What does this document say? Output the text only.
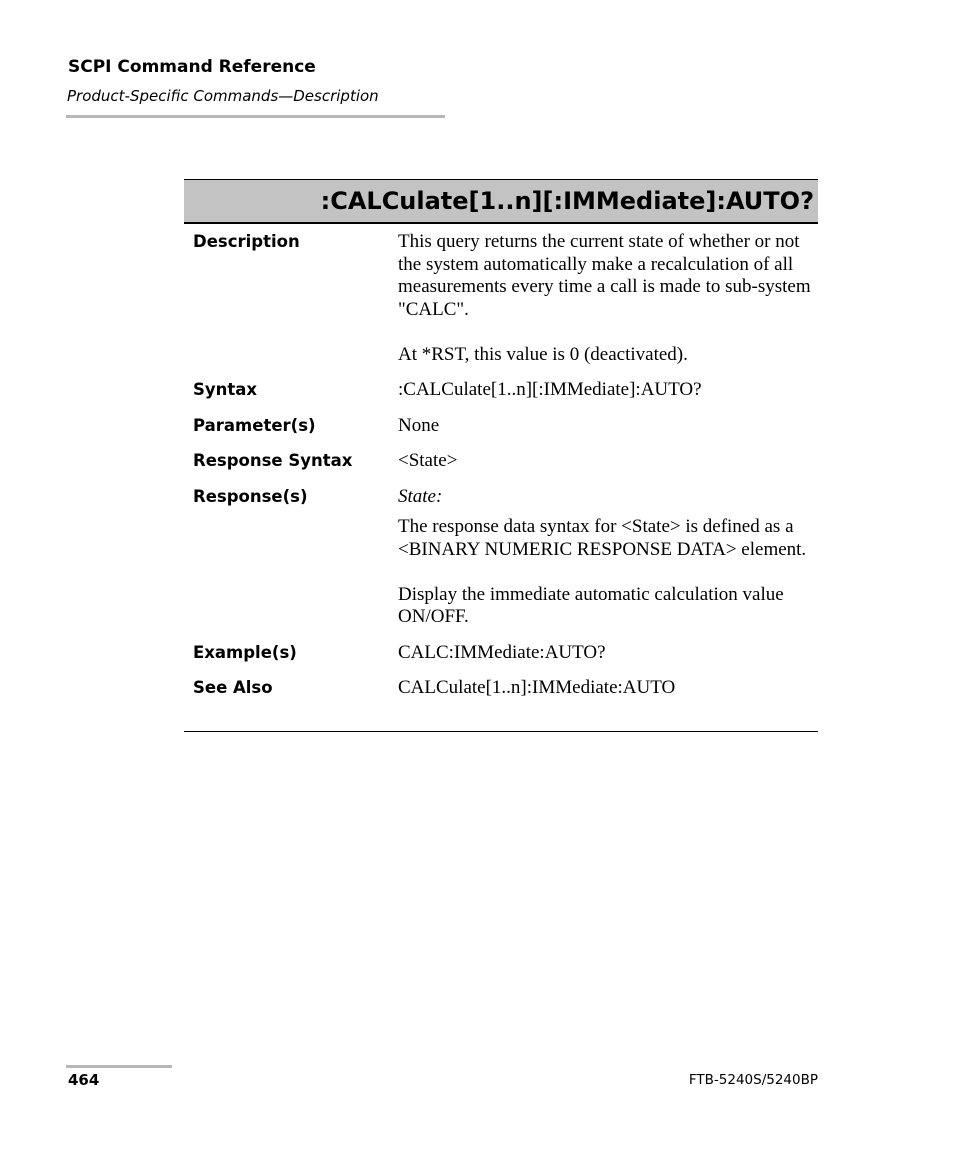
SCPI Command Reference
Product-Specific Commands—Description
:CALCulate[1..n][:IMMediate]:AUTO?
Description	This query returns the current state of whether or not the system automatically make a recalculation of all measurements every time a call is made to sub-system "CALC".

At *RST, this value is 0 (deactivated).

Syntax	:CALCulate[1..n][:IMMediate]:AUTO?
Parameter(s)	None
Response Syntax	<State>
Response(s)	State:

The response data syntax for <State> is defined as a <BINARY NUMERIC RESPONSE DATA> element.

Display the immediate automatic calculation value ON/OFF.

Example(s)	CALC:IMMediate:AUTO?
See Also	CALCulate[1..n]:IMMediate:AUTO
464	FTB-5240S/5240BP
